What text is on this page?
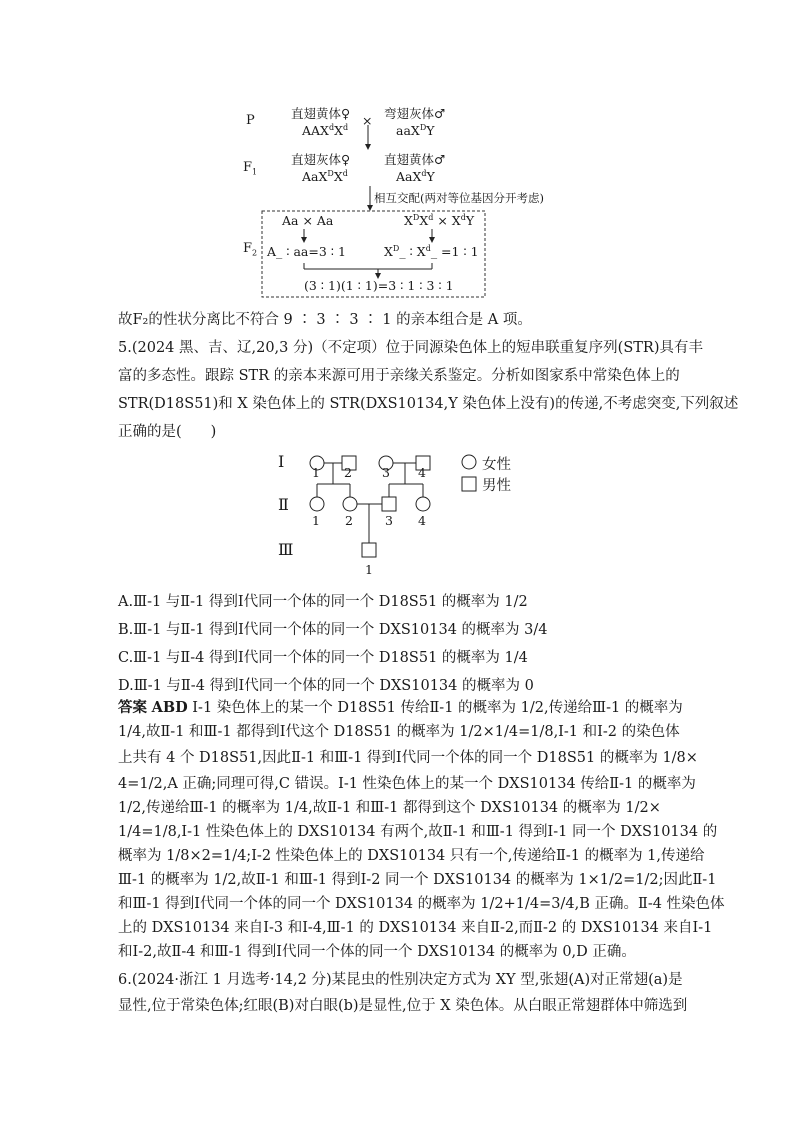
P
$F_1$
$F_2$
直翅黄体♀ × 弯翅灰体♂
$AAX^dX^d$	aaX$^D$Y
直翅灰体♀	直翅黄体♂
$AaX^DX^d$	AaX$^d$Y
相互交配(两对等位基因分开考虑)
Aa × Aa	$X^DX^d \times X^dY$
A_ ∶ aa=3 ∶ 1	$X^D\_$ ∶ $X^d\_ =1$ ∶ 1
(3 ∶ 1)(1 ∶ 1)=3 ∶ 1 ∶ 3 ∶ 1
故F₂的性状分离比不符合 9 ∶ 3 ∶ 3 ∶ 1 的亲本组合是 A 项。
5.(2024 黑、吉、辽,20,3 分)（不定项）位于同源染色体上的短串联重复序列(STR)具有丰
富的多态性。跟踪 STR 的亲本来源可用于亲缘关系鉴定。分析如图家系中常染色体上的
STR(D18S51)和 X 染色体上的 STR(DXS10134,Y 染色体上没有)的传递,不考虑突变,下列叙述
正确的是(　　)
Ⅰ
Ⅱ
Ⅲ
1 2 3 4
1 2	3 4
1
女性
男性
A.Ⅲ-1 与Ⅱ-1 得到Ⅰ代同一个体的同一个 D18S51 的概率为 1/2
B.Ⅲ-1 与Ⅱ-1 得到Ⅰ代同一个体的同一个 DXS10134 的概率为 3/4
C.Ⅲ-1 与Ⅱ-4 得到Ⅰ代同一个体的同一个 D18S51 的概率为 1/4
D.Ⅲ-1 与Ⅱ-4 得到Ⅰ代同一个体的同一个 DXS10134 的概率为 0
答案 ABD Ⅰ-1 染色体上的某一个 D18S51 传给Ⅱ-1 的概率为 1/2,传递给Ⅲ-1 的概率为
1/4,故Ⅱ-1 和Ⅲ-1 都得到Ⅰ代这个 D18S51 的概率为 1/2×1/4=1/8,Ⅰ-1 和Ⅰ-2 的染色体
上共有 4 个 D18S51,因此Ⅱ-1 和Ⅲ-1 得到Ⅰ代同一个体的同一个 D18S51 的概率为 1/8×
4=1/2,A 正确;同理可得,C 错误。Ⅰ-1 性染色体上的某一个 DXS10134 传给Ⅱ-1 的概率为
1/2,传递给Ⅲ-1 的概率为 1/4,故Ⅱ-1 和Ⅲ-1 都得到这个 DXS10134 的概率为 1/2×
1/4=1/8,Ⅰ-1 性染色体上的 DXS10134 有两个,故Ⅱ-1 和Ⅲ-1 得到Ⅰ-1 同一个 DXS10134 的
概率为 1/8×2=1/4;Ⅰ-2 性染色体上的 DXS10134 只有一个,传递给Ⅱ-1 的概率为 1,传递给
Ⅲ-1 的概率为 1/2,故Ⅱ-1 和Ⅲ-1 得到Ⅰ-2 同一个 DXS10134 的概率为 1×1/2=1/2;因此Ⅱ-1
和Ⅲ-1 得到Ⅰ代同一个体的同一个 DXS10134 的概率为 1/2+1/4=3/4,B 正确。Ⅱ-4 性染色体
上的 DXS10134 来自Ⅰ-3 和Ⅰ-4,Ⅲ-1 的 DXS10134 来自Ⅱ-2,而Ⅱ-2 的 DXS10134 来自Ⅰ-1
和Ⅰ-2,故Ⅱ-4 和Ⅲ-1 得到Ⅰ代同一个体的同一个 DXS10134 的概率为 0,D 正确。
6.(2024·浙江 1 月选考·14,2 分)某昆虫的性别决定方式为 XY 型,张翅(A)对正常翅(a)是
显性,位于常染色体;红眼(B)对白眼(b)是显性,位于 X 染色体。从白眼正常翅群体中筛选到
